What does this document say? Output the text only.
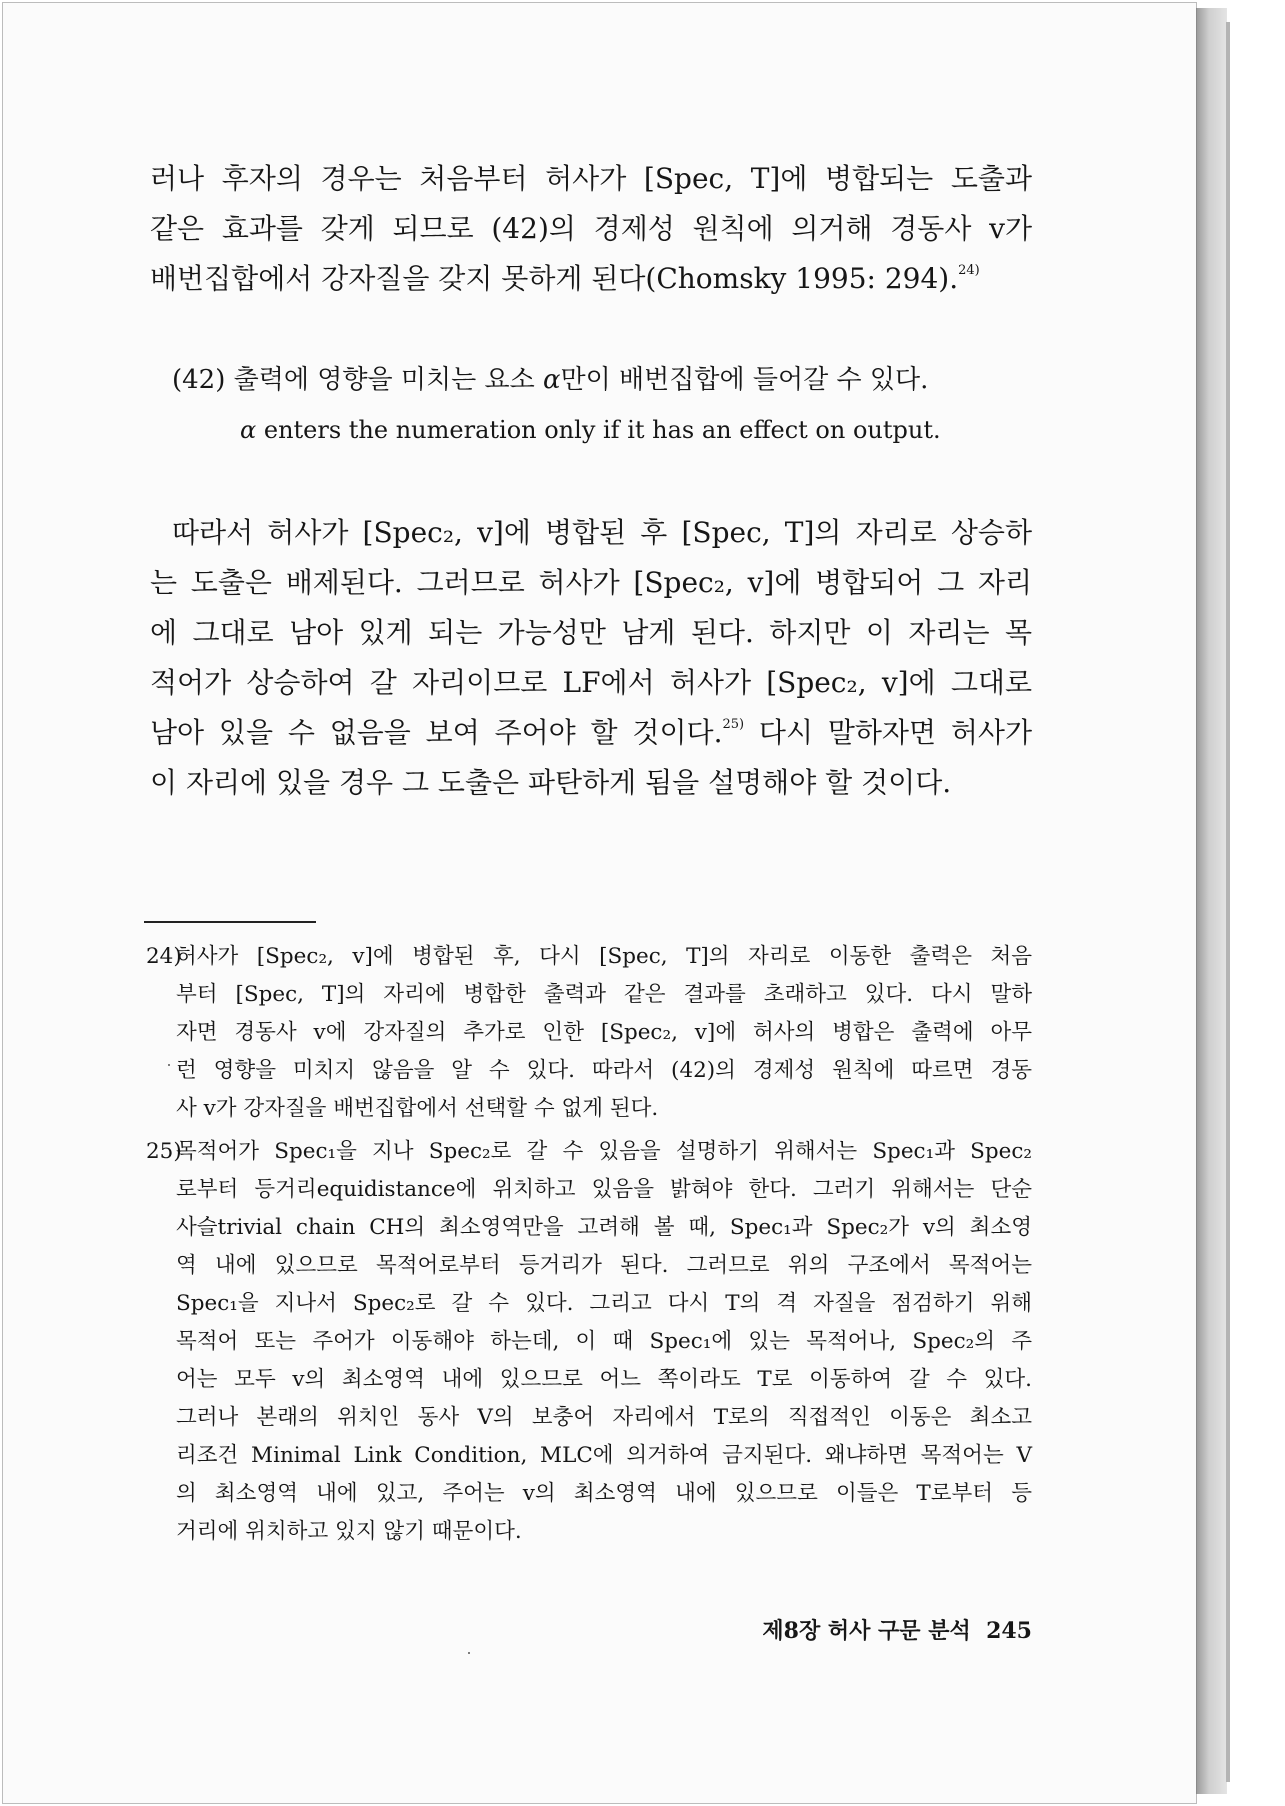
러나 후자의 경우는 처음부터 허사가 [Spec, T]에 병합되는 도출과
같은 효과를 갖게 되므로 (42)의 경제성 원칙에 의거해 경동사 v가
배번집합에서 강자질을 갖지 못하게 된다(Chomsky 1995: 294).$^{24)}$

(42) 출력에 영향을 미치는 요소 α만이 배번집합에 들어갈 수 있다.
α enters the numeration only if it has an effect on output.

따라서 허사가 [Spec₂, v]에 병합된 후 [Spec, T]의 자리로 상승하
는 도출은 배제된다. 그러므로 허사가 [Spec₂, v]에 병합되어 그 자리
에 그대로 남아 있게 되는 가능성만 남게 된다. 하지만 이 자리는 목
적어가 상승하여 갈 자리이므로 LF에서 허사가 [Spec₂, v]에 그대로
남아 있을 수 없음을 보여 주어야 할 것이다.$^{25)}$ 다시 말하자면 허사가
이 자리에 있을 경우 그 도출은 파탄하게 됨을 설명해야 할 것이다.

24)
허사가 [Spec₂, v]에 병합된 후, 다시 [Spec, T]의 자리로 이동한 출력은 처음
부터 [Spec, T]의 자리에 병합한 출력과 같은 결과를 초래하고 있다. 다시 말하
자면 경동사 v에 강자질의 추가로 인한 [Spec₂, v]에 허사의 병합은 출력에 아무
런 영향을 미치지 않음을 알 수 있다. 따라서 (42)의 경제성 원칙에 따르면 경동
사 v가 강자질을 배번집합에서 선택할 수 없게 된다.
25)
목적어가 Spec₁을 지나 Spec₂로 갈 수 있음을 설명하기 위해서는 Spec₁과 Spec₂
로부터 등거리equidistance에 위치하고 있음을 밝혀야 한다. 그러기 위해서는 단순
사슬trivial chain CH의 최소영역만을 고려해 볼 때, Spec₁과 Spec₂가 v의 최소영
역 내에 있으므로 목적어로부터 등거리가 된다. 그러므로 위의 구조에서 목적어는
Spec₁을 지나서 Spec₂로 갈 수 있다. 그리고 다시 T의 격 자질을 점검하기 위해
목적어 또는 주어가 이동해야 하는데, 이 때 Spec₁에 있는 목적어나, Spec₂의 주
어는 모두 v의 최소영역 내에 있으므로 어느 쪽이라도 T로 이동하여 갈 수 있다.
그러나 본래의 위치인 동사 V의 보충어 자리에서 T로의 직접적인 이동은 최소고
리조건 Minimal Link Condition, MLC에 의거하여 금지된다. 왜냐하면 목적어는 V
의 최소영역 내에 있고, 주어는 v의 최소영역 내에 있으므로 이들은 T로부터 등
거리에 위치하고 있지 않기 때문이다.
제8장 허사 구문 분석 245
